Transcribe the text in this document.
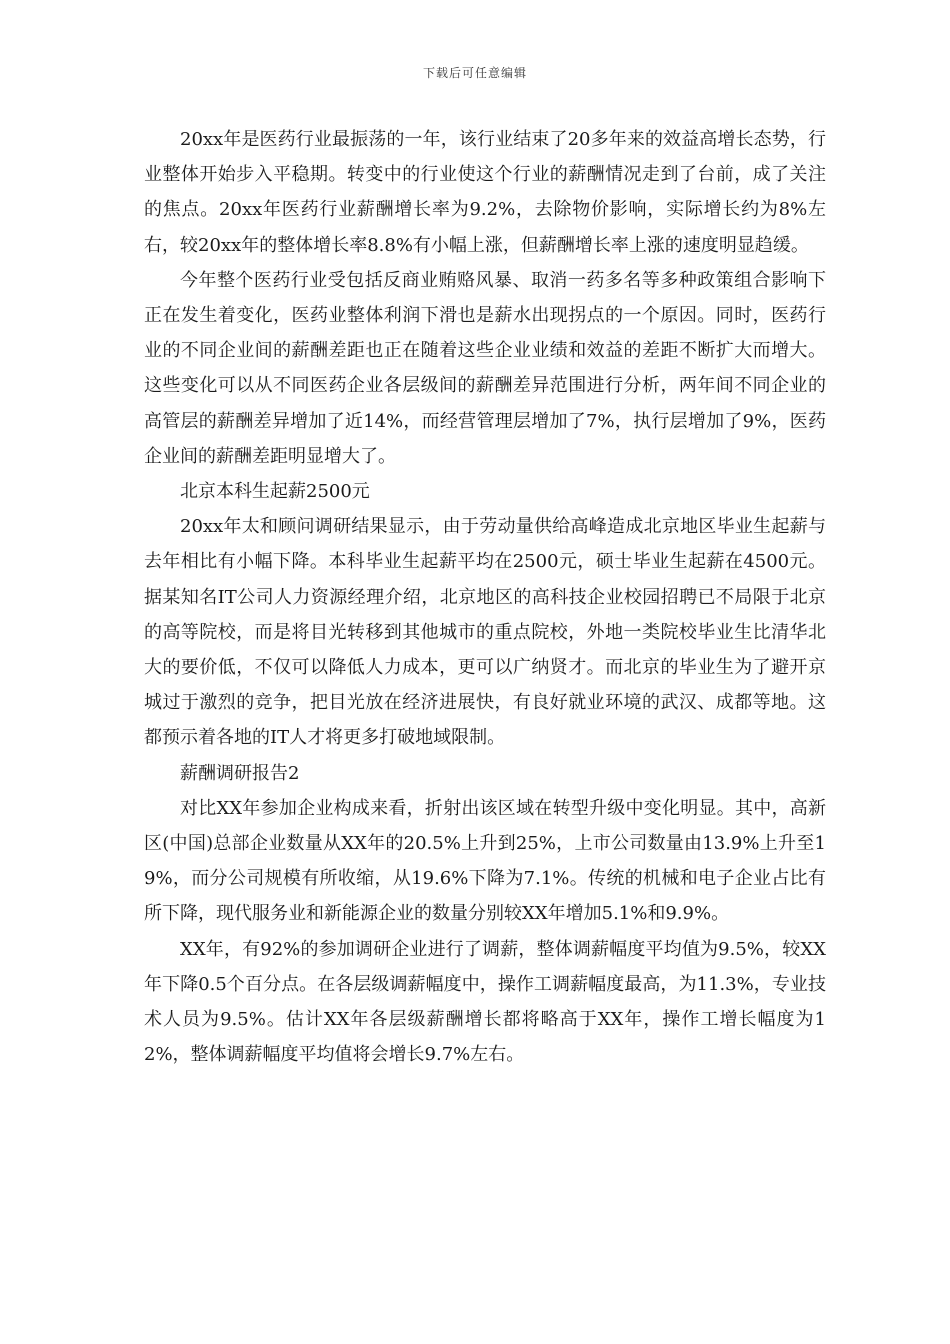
下载后可任意编辑

20xx年是医药行业最振荡的一年，该行业结束了20多年来的效益高增长态势，行业整体开始步入平稳期。转变中的行业使这个行业的薪酬情况走到了台前，成了关注的焦点。20xx年医药行业薪酬增长率为9.2%，去除物价影响，实际增长约为8%左右，较20xx年的整体增长率8.8%有小幅上涨，但薪酬增长率上涨的速度明显趋缓。

今年整个医药行业受包括反商业贿赂风暴、取消一药多名等多种政策组合影响下正在发生着变化，医药业整体利润下滑也是薪水出现拐点的一个原因。同时，医药行业的不同企业间的薪酬差距也正在随着这些企业业绩和效益的差距不断扩大而增大。这些变化可以从不同医药企业各层级间的薪酬差异范围进行分析，两年间不同企业的高管层的薪酬差异增加了近14%，而经营管理层增加了7%，执行层增加了9%，医药企业间的薪酬差距明显增大了。

北京本科生起薪2500元

20xx年太和顾问调研结果显示，由于劳动量供给高峰造成北京地区毕业生起薪与去年相比有小幅下降。本科毕业生起薪平均在2500元，硕士毕业生起薪在4500元。据某知名IT公司人力资源经理介绍，北京地区的高科技企业校园招聘已不局限于北京的高等院校，而是将目光转移到其他城市的重点院校，外地一类院校毕业生比清华北大的要价低，不仅可以降低人力成本，更可以广纳贤才。而北京的毕业生为了避开京城过于激烈的竞争，把目光放在经济进展快，有良好就业环境的武汉、成都等地。这都预示着各地的IT人才将更多打破地域限制。

薪酬调研报告2

对比XX年参加企业构成来看，折射出该区域在转型升级中变化明显。其中，高新区(中国)总部企业数量从XX年的20.5%上升到25%，上市公司数量由13.9%上升至19%，而分公司规模有所收缩，从19.6%下降为7.1%。传统的机械和电子企业占比有所下降，现代服务业和新能源企业的数量分别较XX年增加5.1%和9.9%。

XX年，有92%的参加调研企业进行了调薪，整体调薪幅度平均值为9.5%，较XX年下降0.5个百分点。在各层级调薪幅度中，操作工调薪幅度最高，为11.3%，专业技术人员为9.5%。估计XX年各层级薪酬增长都将略高于XX年，操作工增长幅度为12%，整体调薪幅度平均值将会增长9.7%左右。
